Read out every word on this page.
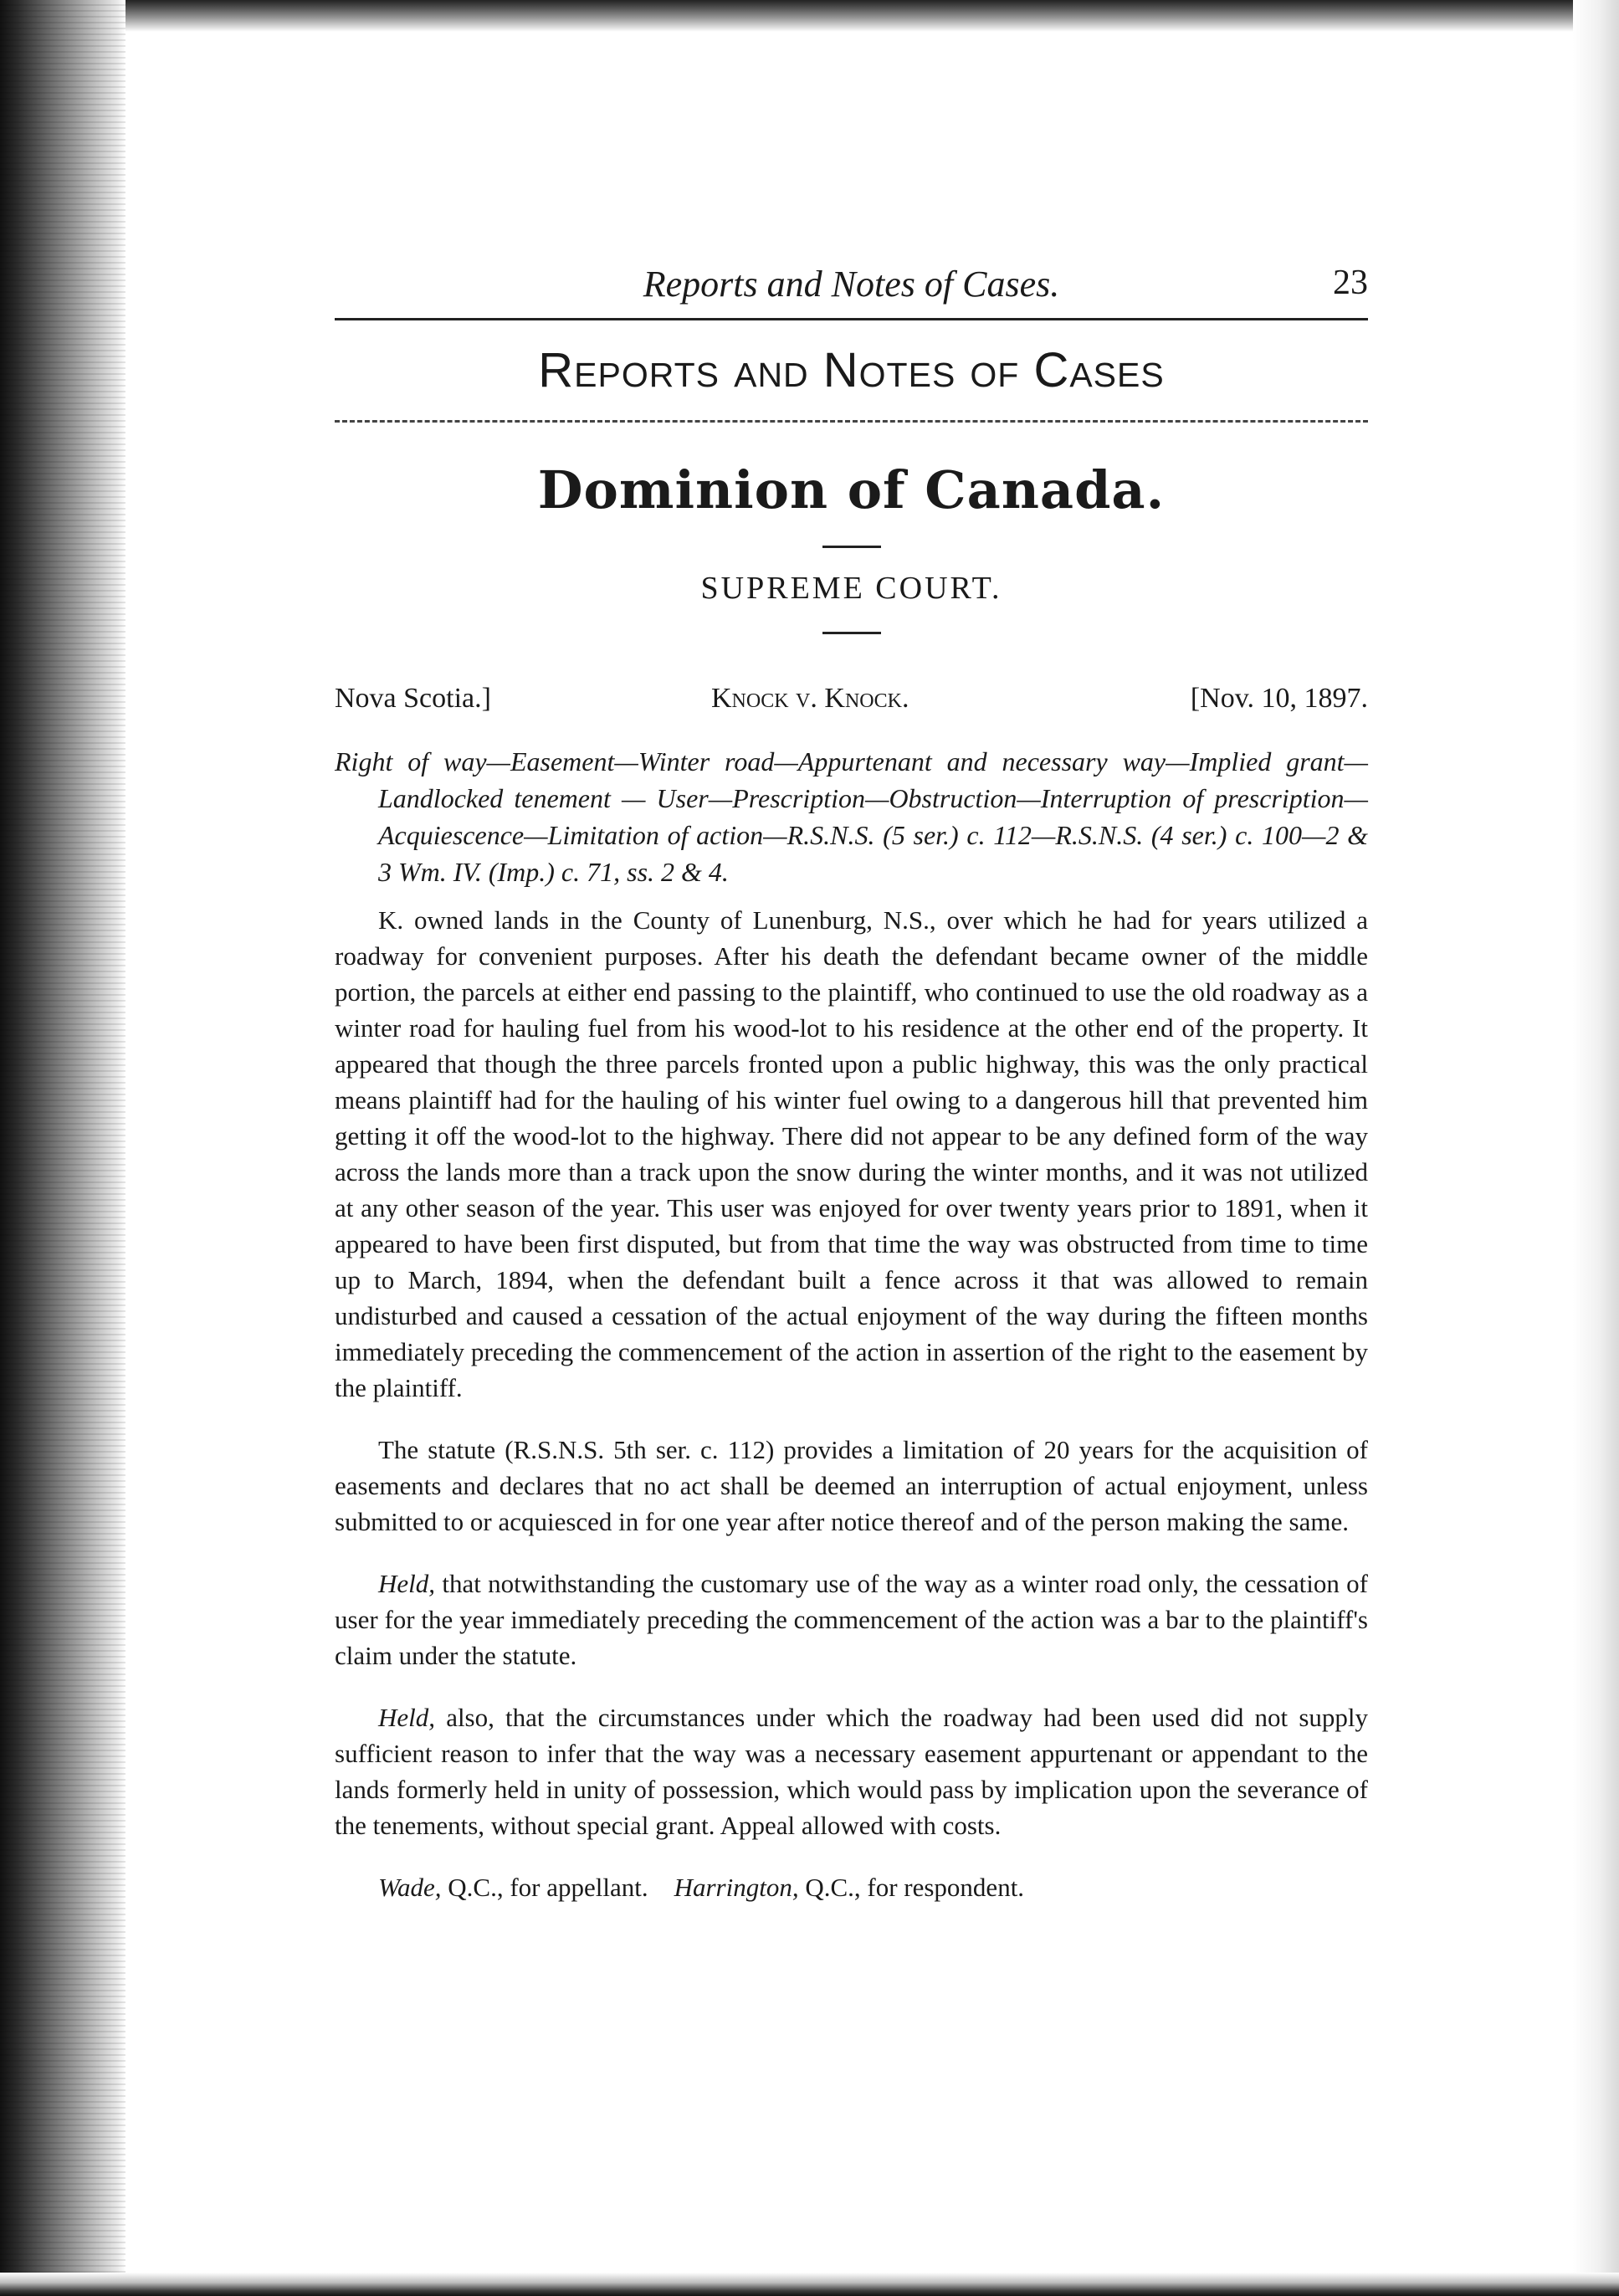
Reports and Notes of Cases.	23
Reports and Notes of Cases
Dominion of Canada.
SUPREME COURT.
Nova Scotia.]	Knock v. Knock.	[Nov. 10, 1897.
Right of way—Easement—Winter road—Appurtenant and necessary way—Implied grant—Landlocked tenement — User—Prescription—Obstruction—Interruption of prescription—Acquiescence—Limitation of action—R.S.N.S. (5 ser.) c. 112—R.S.N.S. (4 ser.) c. 100—2 & 3 Wm. IV. (Imp.) c. 71, ss. 2 & 4.

K. owned lands in the County of Lunenburg, N.S., over which he had for years utilized a roadway for convenient purposes. After his death the defendant became owner of the middle portion, the parcels at either end passing to the plaintiff, who continued to use the old roadway as a winter road for hauling fuel from his wood-lot to his residence at the other end of the property. It appeared that though the three parcels fronted upon a public highway, this was the only practical means plaintiff had for the hauling of his winter fuel owing to a dangerous hill that prevented him getting it off the wood-lot to the highway. There did not appear to be any defined form of the way across the lands more than a track upon the snow during the winter months, and it was not utilized at any other season of the year. This user was enjoyed for over twenty years prior to 1891, when it appeared to have been first disputed, but from that time the way was obstructed from time to time up to March, 1894, when the defendant built a fence across it that was allowed to remain undisturbed and caused a cessation of the actual enjoyment of the way during the fifteen months immediately preceding the commencement of the action in assertion of the right to the easement by the plaintiff.

The statute (R.S.N.S. 5th ser. c. 112) provides a limitation of 20 years for the acquisition of easements and declares that no act shall be deemed an interruption of actual enjoyment, unless submitted to or acquiesced in for one year after notice thereof and of the person making the same.

Held, that notwithstanding the customary use of the way as a winter road only, the cessation of user for the year immediately preceding the commencement of the action was a bar to the plaintiff's claim under the statute.

Held, also, that the circumstances under which the roadway had been used did not supply sufficient reason to infer that the way was a necessary easement appurtenant or appendant to the lands formerly held in unity of possession, which would pass by implication upon the severance of the tenements, without special grant. Appeal allowed with costs.

Wade, Q.C., for appellant. Harrington, Q.C., for respondent.
